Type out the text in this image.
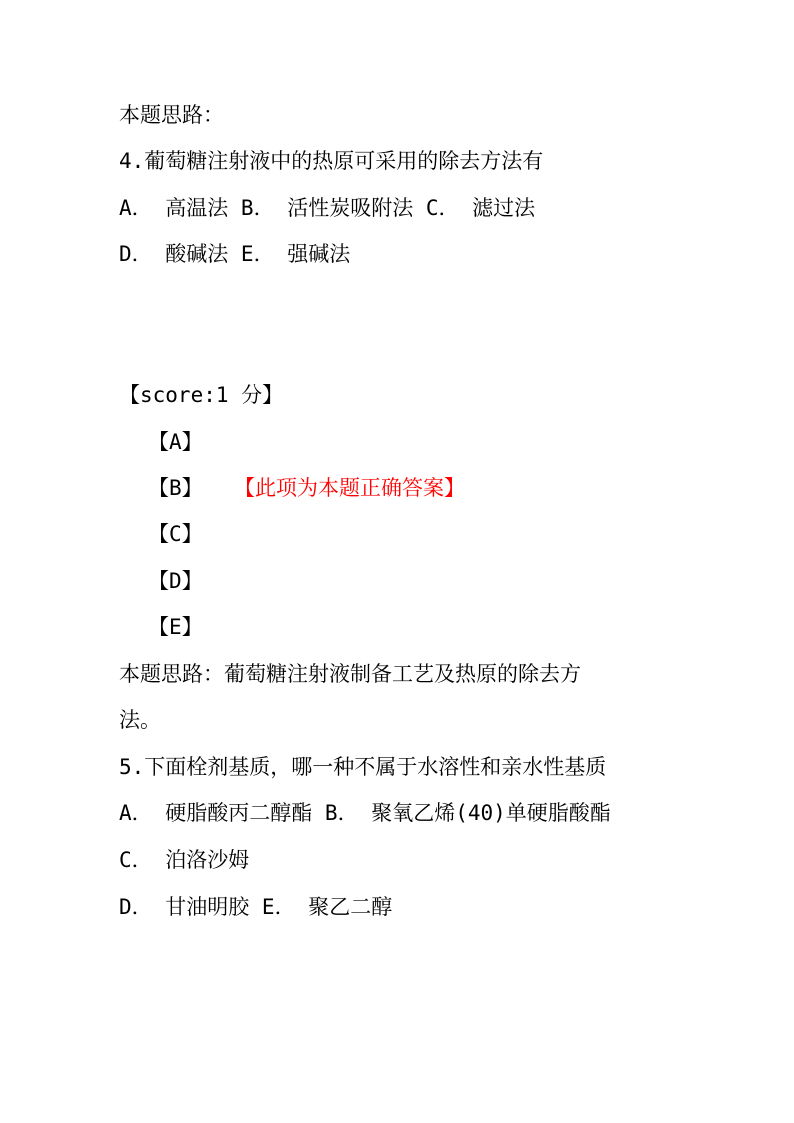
本题思路：
4.葡萄糖注射液中的热原可采用的除去方法有
A． 高温法 B． 活性炭吸附法 C． 滤过法
D． 酸碱法 E． 强碱法
【score:1 分】
【A】
【B】 【此项为本题正确答案】
【C】
【D】
【E】
本题思路：葡萄糖注射液制备工艺及热原的除去方
法。
5.下面栓剂基质，哪一种不属于水溶性和亲水性基质
A． 硬脂酸丙二醇酯 B． 聚氧乙烯(40)单硬脂酸酯
C． 泊洛沙姆
D． 甘油明胶 E． 聚乙二醇
